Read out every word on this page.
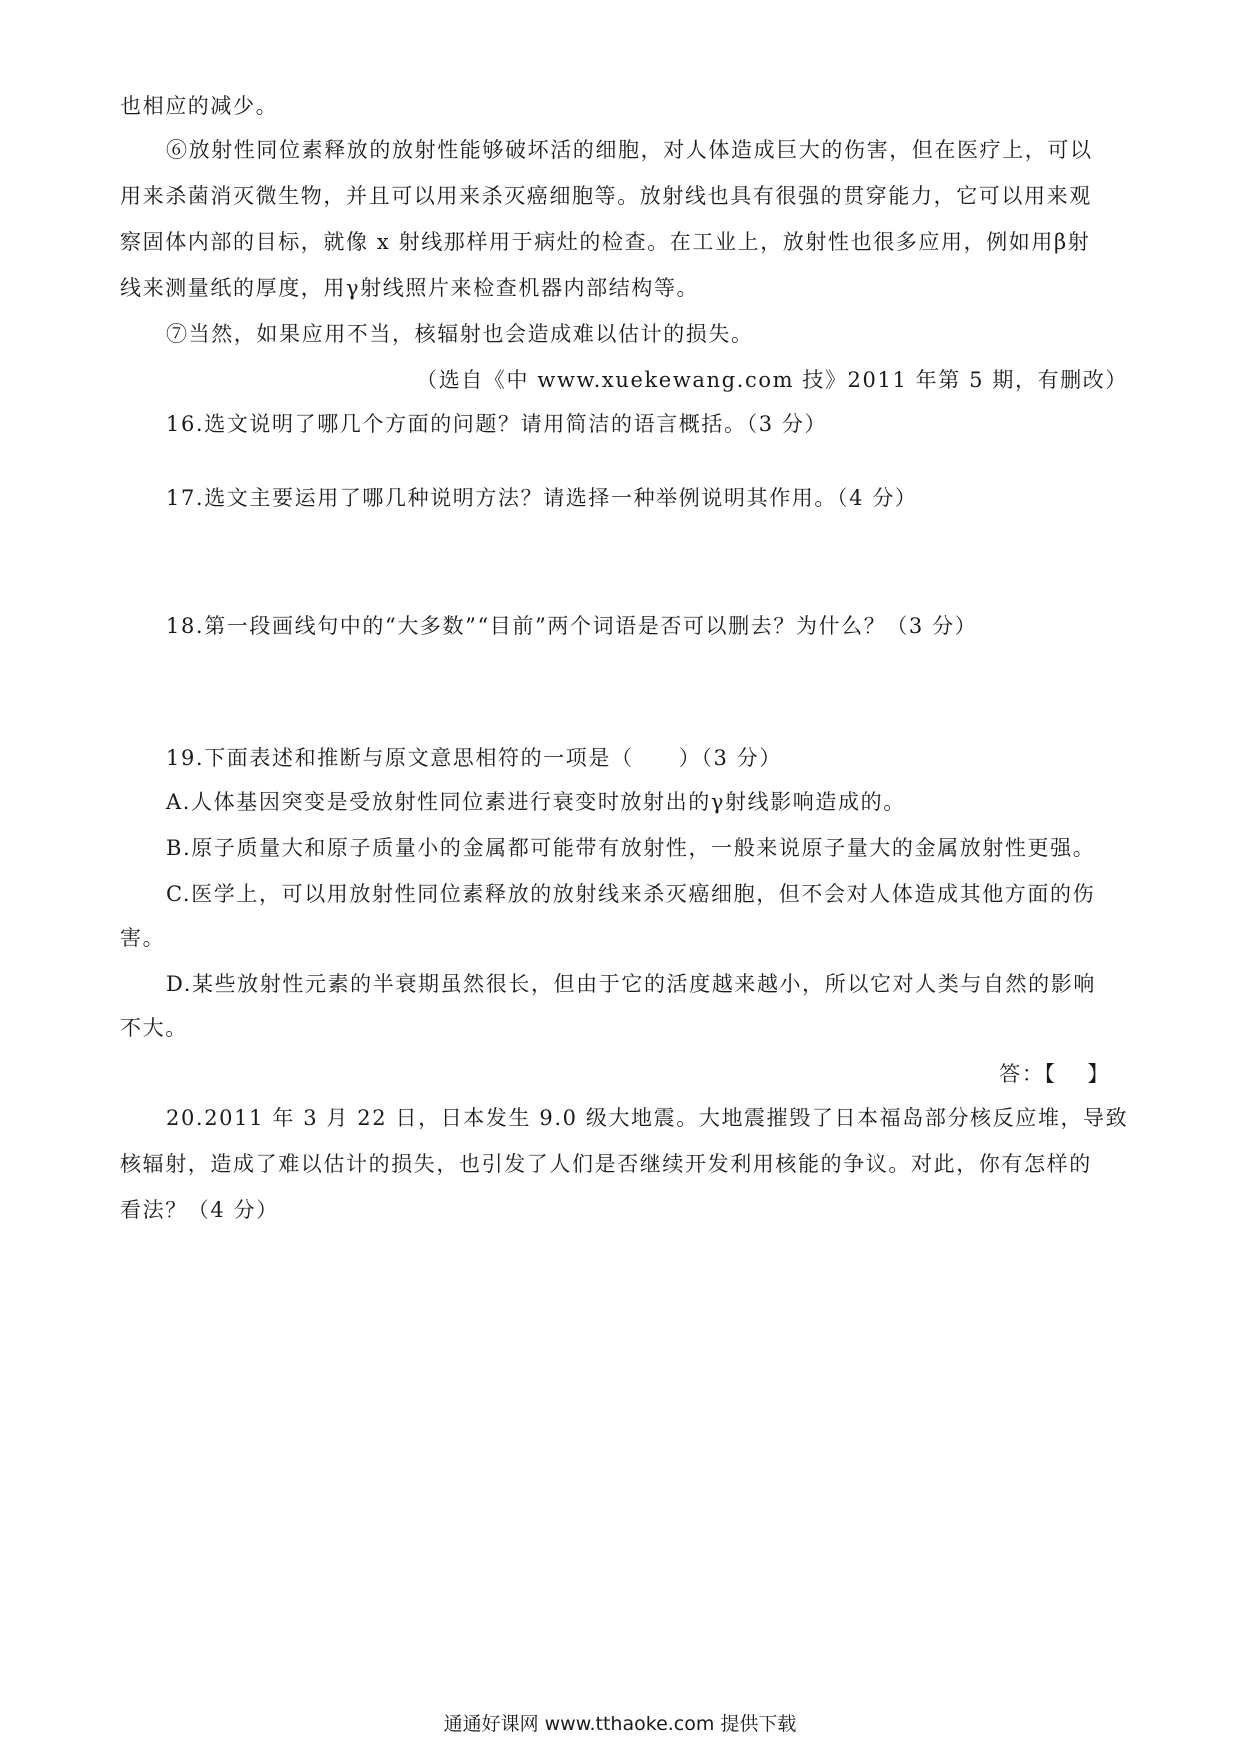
也相应的减少。
⑥放射性同位素释放的放射性能够破坏活的细胞，对人体造成巨大的伤害，但在医疗上，可以
用来杀菌消灭微生物，并且可以用来杀灭癌细胞等。放射线也具有很强的贯穿能力，它可以用来观
察固体内部的目标，就像 x 射线那样用于病灶的检查。在工业上，放射性也很多应用，例如用β射
线来测量纸的厚度，用γ射线照片来检查机器内部结构等。
⑦当然，如果应用不当，核辐射也会造成难以估计的损失。
（选自《中 www.xuekewang.com 技》2011 年第 5 期，有删改）
16.选文说明了哪几个方面的问题？请用简洁的语言概括。（3 分）
17.选文主要运用了哪几种说明方法？请选择一种举例说明其作用。（4 分）
18.第一段画线句中的“大多数”“目前”两个词语是否可以删去？为什么？（3 分）
19.下面表述和推断与原文意思相符的一项是（　　）（3 分）
A.人体基因突变是受放射性同位素进行衰变时放射出的γ射线影响造成的。
B.原子质量大和原子质量小的金属都可能带有放射性，一般来说原子量大的金属放射性更强。
C.医学上，可以用放射性同位素释放的放射线来杀灭癌细胞，但不会对人体造成其他方面的伤
害。
D.某些放射性元素的半衰期虽然很长，但由于它的活度越来越小，所以它对人类与自然的影响
不大。
答：【　 】
20.2011 年 3 月 22 日，日本发生 9.0 级大地震。大地震摧毁了日本福岛部分核反应堆，导致
核辐射，造成了难以估计的损失，也引发了人们是否继续开发利用核能的争议。对此，你有怎样的
看法？（4 分）
通通好课网 www.tthaoke.com 提供下载
